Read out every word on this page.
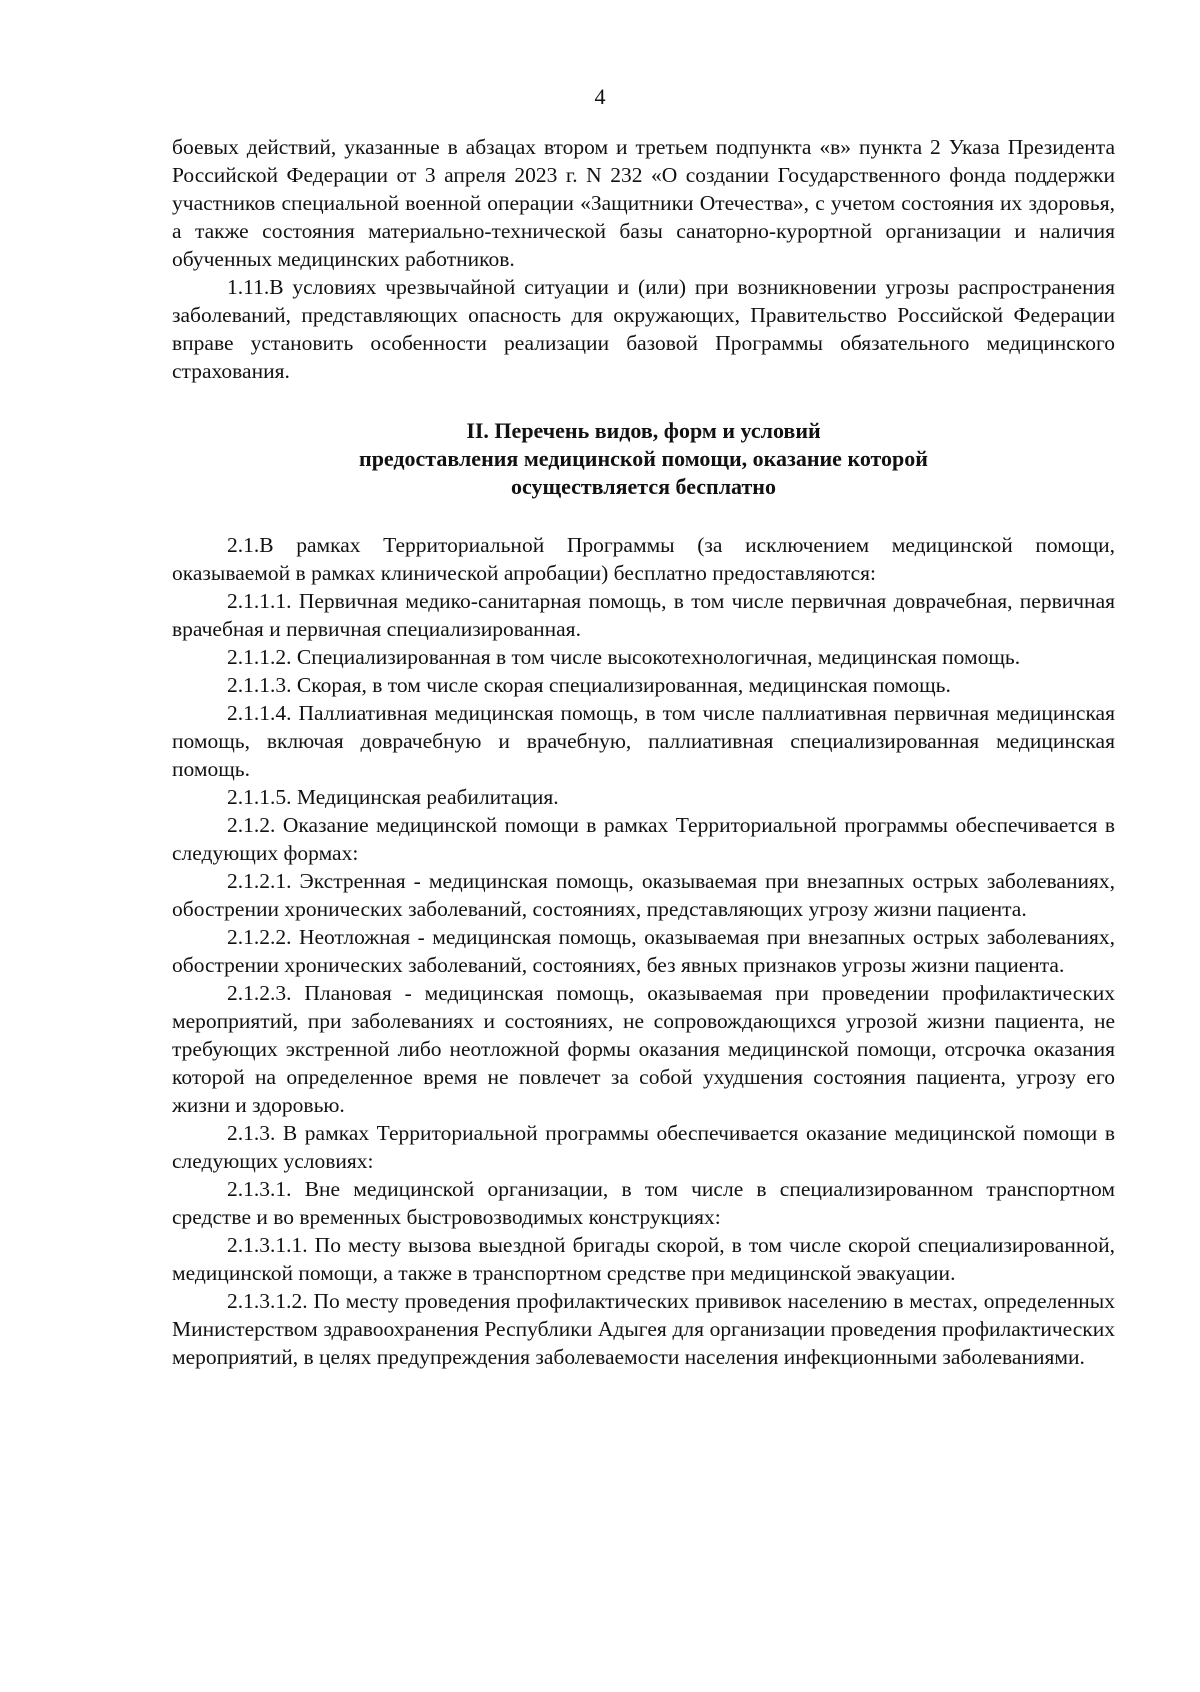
4

боевых действий, указанные в абзацах втором и третьем подпункта «в» пункта 2 Указа Президента Российской Федерации от 3 апреля 2023 г. N 232 «О создании Государственного фонда поддержки участников специальной военной операции «Защитники Отечества», с учетом состояния их здоровья, а также состояния материально-технической базы санаторно-курортной организации и наличия обученных медицинских работников.

1.11.В условиях чрезвычайной ситуации и (или) при возникновении угрозы распространения заболеваний, представляющих опасность для окружающих, Правительство Российской Федерации вправе установить особенности реализации базовой Программы обязательного медицинского страхования.

II. Перечень видов, форм и условий
предоставления медицинской помощи, оказание которой
осуществляется бесплатно

2.1.В рамках Территориальной Программы (за исключением медицинской помощи, оказываемой в рамках клинической апробации) бесплатно предоставляются:

2.1.1.1. Первичная медико-санитарная помощь, в том числе первичная доврачебная, первичная врачебная и первичная специализированная.

2.1.1.2. Специализированная в том числе высокотехнологичная, медицинская помощь.

2.1.1.3. Скорая, в том числе скорая специализированная, медицинская помощь.

2.1.1.4. Паллиативная медицинская помощь, в том числе паллиативная первичная медицинская помощь, включая доврачебную и врачебную, паллиативная специализированная медицинская помощь.

2.1.1.5. Медицинская реабилитация.

2.1.2. Оказание медицинской помощи в рамках Территориальной программы обеспечивается в следующих формах:

2.1.2.1. Экстренная - медицинская помощь, оказываемая при внезапных острых заболеваниях, обострении хронических заболеваний, состояниях, представляющих угрозу жизни пациента.

2.1.2.2. Неотложная - медицинская помощь, оказываемая при внезапных острых заболеваниях, обострении хронических заболеваний, состояниях, без явных признаков угрозы жизни пациента.

2.1.2.3. Плановая - медицинская помощь, оказываемая при проведении профилактических мероприятий, при заболеваниях и состояниях, не сопровождающихся угрозой жизни пациента, не требующих экстренной либо неотложной формы оказания медицинской помощи, отсрочка оказания которой на определенное время не повлечет за собой ухудшения состояния пациента, угрозу его жизни и здоровью.

2.1.3. В рамках Территориальной программы обеспечивается оказание медицинской помощи в следующих условиях:

2.1.3.1. Вне медицинской организации, в том числе в специализированном транспортном средстве и во временных быстровозводимых конструкциях:

2.1.3.1.1. По месту вызова выездной бригады скорой, в том числе скорой специализированной, медицинской помощи, а также в транспортном средстве при медицинской эвакуации.

2.1.3.1.2. По месту проведения профилактических прививок населению в местах, определенных Министерством здравоохранения Республики Адыгея для организации проведения профилактических мероприятий, в целях предупреждения заболеваемости населения инфекционными заболеваниями.
